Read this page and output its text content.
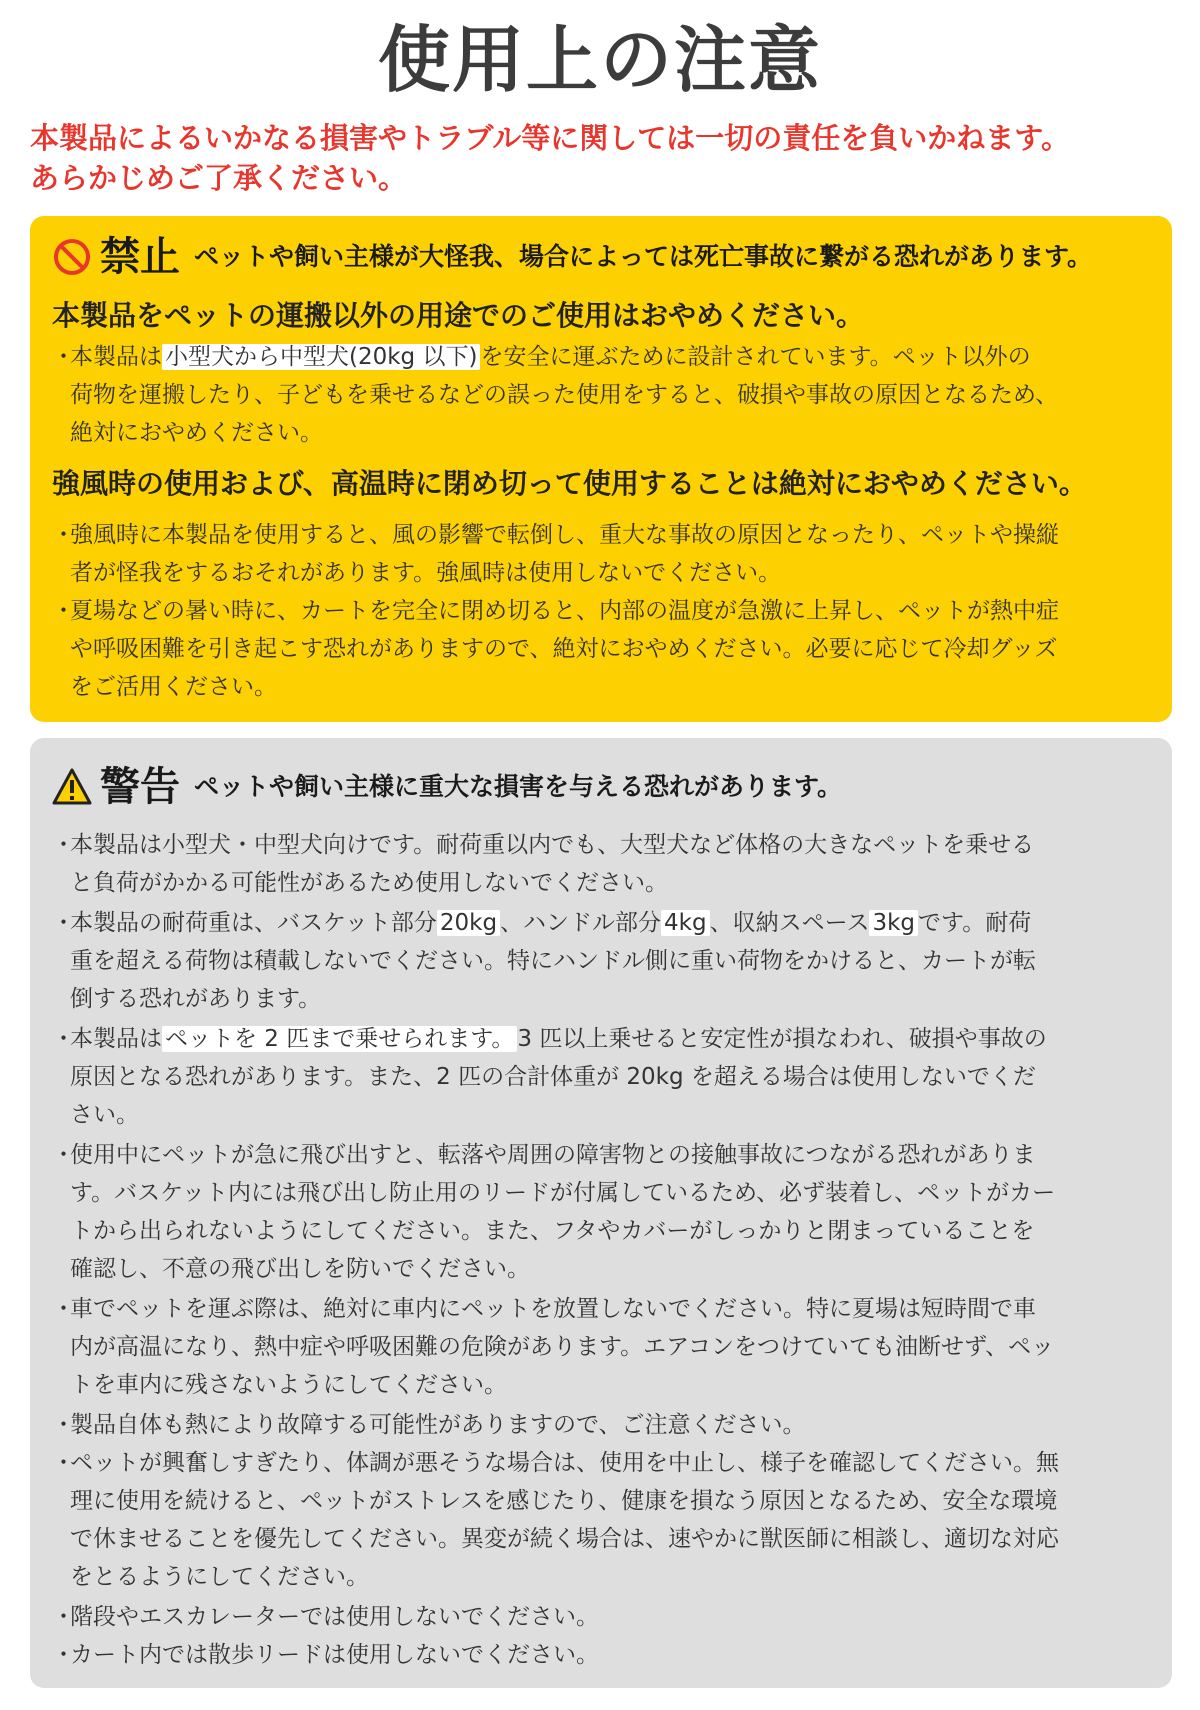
使用上の注意
本製品によるいかなる損害やトラブル等に関しては一切の責任を負いかねます。
あらかじめご了承ください。
禁止 ペットや飼い主様が大怪我、場合によっては死亡事故に繋がる恐れがあります。
本製品をペットの運搬以外の用途でのご使用はおやめください。
・
本製品は 小型犬から中型犬(20kg 以下) を安全に運ぶために設計されています。ペット以外の
荷物を運搬したり、子どもを乗せるなどの誤った使用をすると、破損や事故の原因となるため、
絶対におやめください。
強風時の使用および、高温時に閉め切って使用することは絶対におやめください。
・
強風時に本製品を使用すると、風の影響で転倒し、重大な事故の原因となったり、ペットや操縦
者が怪我をするおそれがあります。強風時は使用しないでください。
・
夏場などの暑い時に、カートを完全に閉め切ると、内部の温度が急激に上昇し、ペットが熱中症
や呼吸困難を引き起こす恐れがありますので、絶対におやめください。必要に応じて冷却グッズ
をご活用ください。
警告 ペットや飼い主様に重大な損害を与える恐れがあります。
・
本製品は小型犬・中型犬向けです。耐荷重以内でも、大型犬など体格の大きなペットを乗せる
と負荷がかかる可能性があるため使用しないでください。
・
本製品の耐荷重は、バスケット部分 20kg 、ハンドル部分 4kg 、収納スペース 3kg です。耐荷
重を超える荷物は積載しないでください。特にハンドル側に重い荷物をかけると、カートが転
倒する恐れがあります。
・
本製品は ペットを 2 匹まで乗せられます。 3 匹以上乗せると安定性が損なわれ、破損や事故の
原因となる恐れがあります。また、2 匹の合計体重が 20kg を超える場合は使用しないでくだ
さい。
・
使用中にペットが急に飛び出すと、転落や周囲の障害物との接触事故につながる恐れがありま
す。バスケット内には飛び出し防止用のリードが付属しているため、必ず装着し、ペットがカー
トから出られないようにしてください。また、フタやカバーがしっかりと閉まっていることを
確認し、不意の飛び出しを防いでください。
・
車でペットを運ぶ際は、絶対に車内にペットを放置しないでください。特に夏場は短時間で車
内が高温になり、熱中症や呼吸困難の危険があります。エアコンをつけていても油断せず、ペッ
トを車内に残さないようにしてください。
・
製品自体も熱により故障する可能性がありますので、ご注意ください。
・
ペットが興奮しすぎたり、体調が悪そうな場合は、使用を中止し、様子を確認してください。無
理に使用を続けると、ペットがストレスを感じたり、健康を損なう原因となるため、安全な環境
で休ませることを優先してください。異変が続く場合は、速やかに獣医師に相談し、適切な対応
をとるようにしてください。
・
階段やエスカレーターでは使用しないでください。
・
カート内では散歩リードは使用しないでください。
